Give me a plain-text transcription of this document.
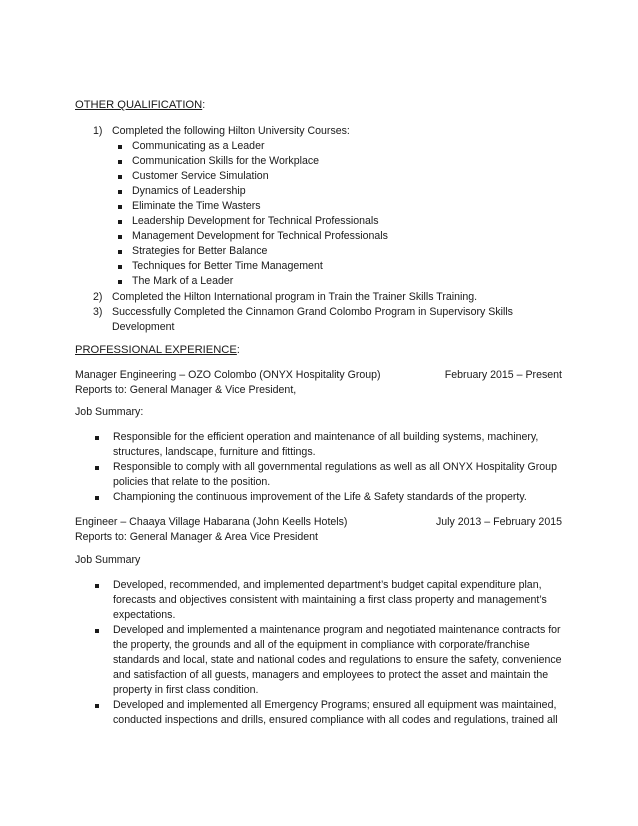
OTHER QUALIFICATION:
1) Completed the following Hilton University Courses:
Communicating as a Leader
Communication Skills for the Workplace
Customer Service Simulation
Dynamics of Leadership
Eliminate the Time Wasters
Leadership Development for Technical Professionals
Management Development for Technical Professionals
Strategies for Better Balance
Techniques for Better Time Management
The Mark of a Leader
2) Completed the Hilton International program in Train the Trainer Skills Training.
3) Successfully Completed the Cinnamon Grand Colombo Program in Supervisory Skills
Development
PROFESSIONAL EXPERIENCE:
Manager Engineering – OZO Colombo (ONYX Hospitality Group)	February 2015 – Present
Reports to: General Manager & Vice President,
Job Summary:
Responsible for the efficient operation and maintenance of all building systems, machinery,
structures, landscape, furniture and fittings.
Responsible to comply with all governmental regulations as well as all ONYX Hospitality Group
policies that relate to the position.
Championing the continuous improvement of the Life & Safety standards of the property.
Engineer – Chaaya Village Habarana (John Keells Hotels)	July 2013 – February 2015
Reports to: General Manager & Area Vice President
Job Summary
Developed, recommended, and implemented department’s budget capital expenditure plan,
forecasts and objectives consistent with maintaining a first class property and management’s
expectations.
Developed and implemented a maintenance program and negotiated maintenance contracts for
the property, the grounds and all of the equipment in compliance with corporate/franchise
standards and local, state and national codes and regulations to ensure the safety, convenience
and satisfaction of all guests, managers and employees to protect the asset and maintain the
property in first class condition.
Developed and implemented all Emergency Programs; ensured all equipment was maintained,
conducted inspections and drills, ensured compliance with all codes and regulations, trained all
